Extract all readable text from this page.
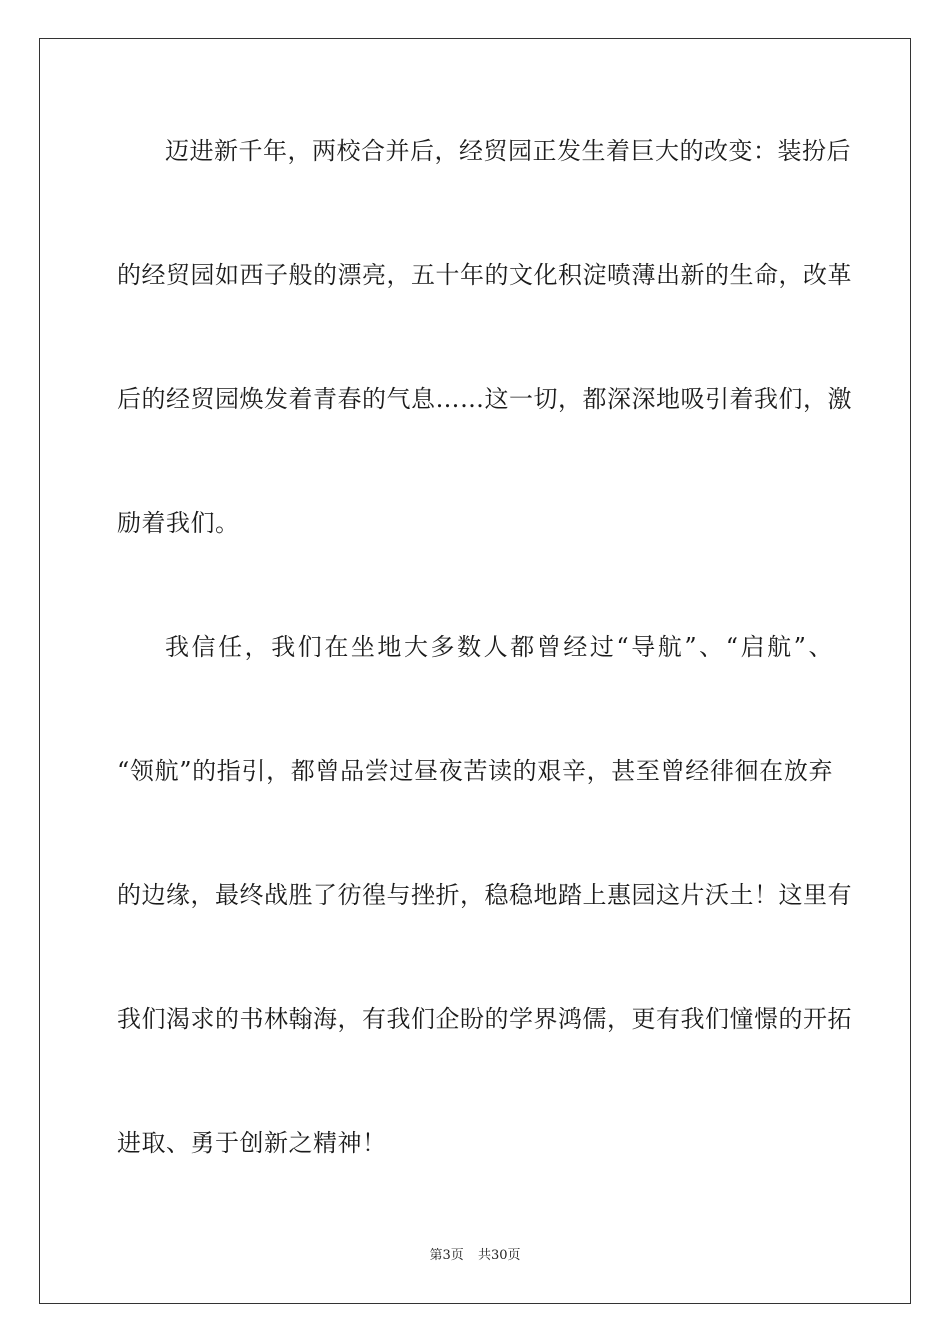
迈进新千年，两校合并后，经贸园正发生着巨大的改变：装扮后
的经贸园如西子般的漂亮，五十年的文化积淀喷薄出新的生命，改革
后的经贸园焕发着青春的气息……这一切，都深深地吸引着我们，激
励着我们。
我信任，我们在坐地大多数人都曾经过“导航”、“启航”、
“领航”的指引，都曾品尝过昼夜苦读的艰辛，甚至曾经徘徊在放弃
的边缘，最终战胜了彷徨与挫折，稳稳地踏上惠园这片沃土！这里有
我们渴求的书林翰海，有我们企盼的学界鸿儒，更有我们憧憬的开拓
进取、勇于创新之精神！
第3页 共30页
